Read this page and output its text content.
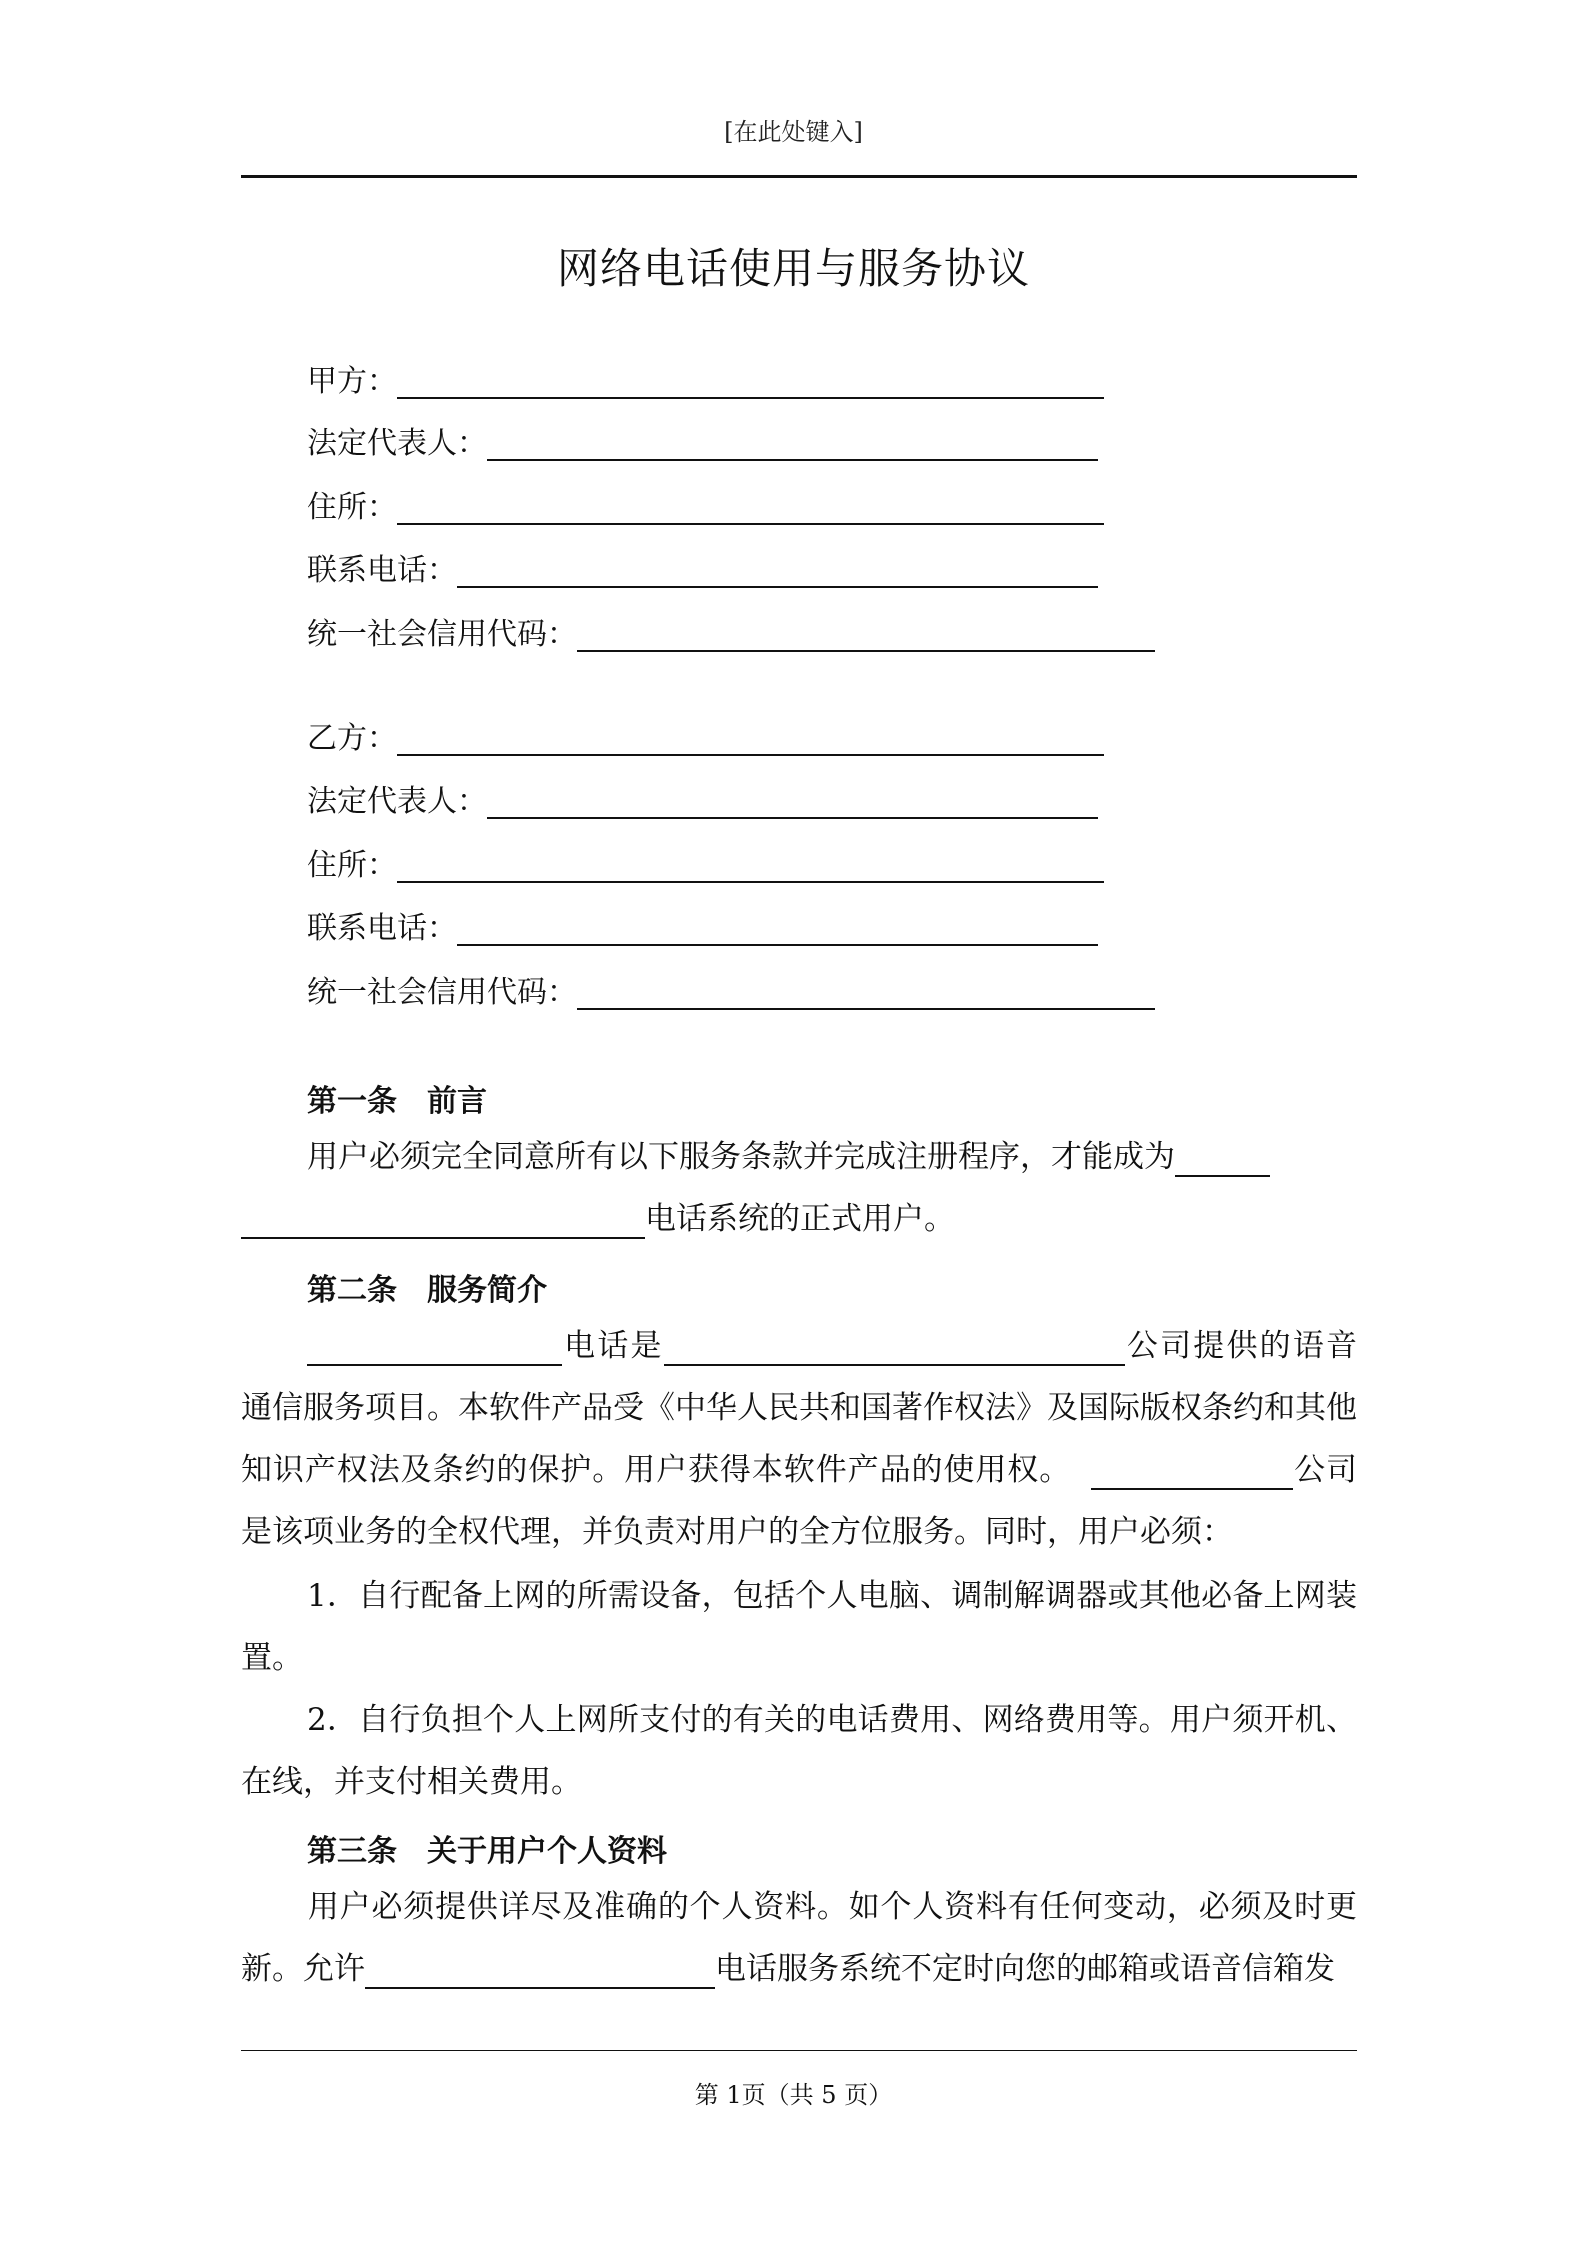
[在此处键入]
网络电话使用与服务协议
甲方：
法定代表人：
住所：
联系电话：
统一社会信用代码：
乙方：
法定代表人：
住所：
联系电话：
统一社会信用代码：
第一条 前言
用户必须完全同意所有以下服务条款并完成注册程序，才能成为
电话系统的正式用户。
第二条 服务简介
电话是	公司提供的语音通信服务项目。本软件产品受《中华人民共和国著作权法》及国际版权条约和其他知识产权法及条约的保护。用户获得本软件产品的使用权。	公司是该项业务的全权代理，并负责对用户的全方位服务。同时，用户必须：
1．自行配备上网的所需设备，包括个人电脑、调制解调器或其他必备上网装置。
2．自行负担个人上网所支付的有关的电话费用、网络费用等。用户须开机、在线，并支付相关费用。
第三条 关于用户个人资料
用户必须提供详尽及准确的个人资料。如个人资料有任何变动，必须及时更新。允许	电话服务系统不定时向您的邮箱或语音信箱发
第 1页（共 5 页）
